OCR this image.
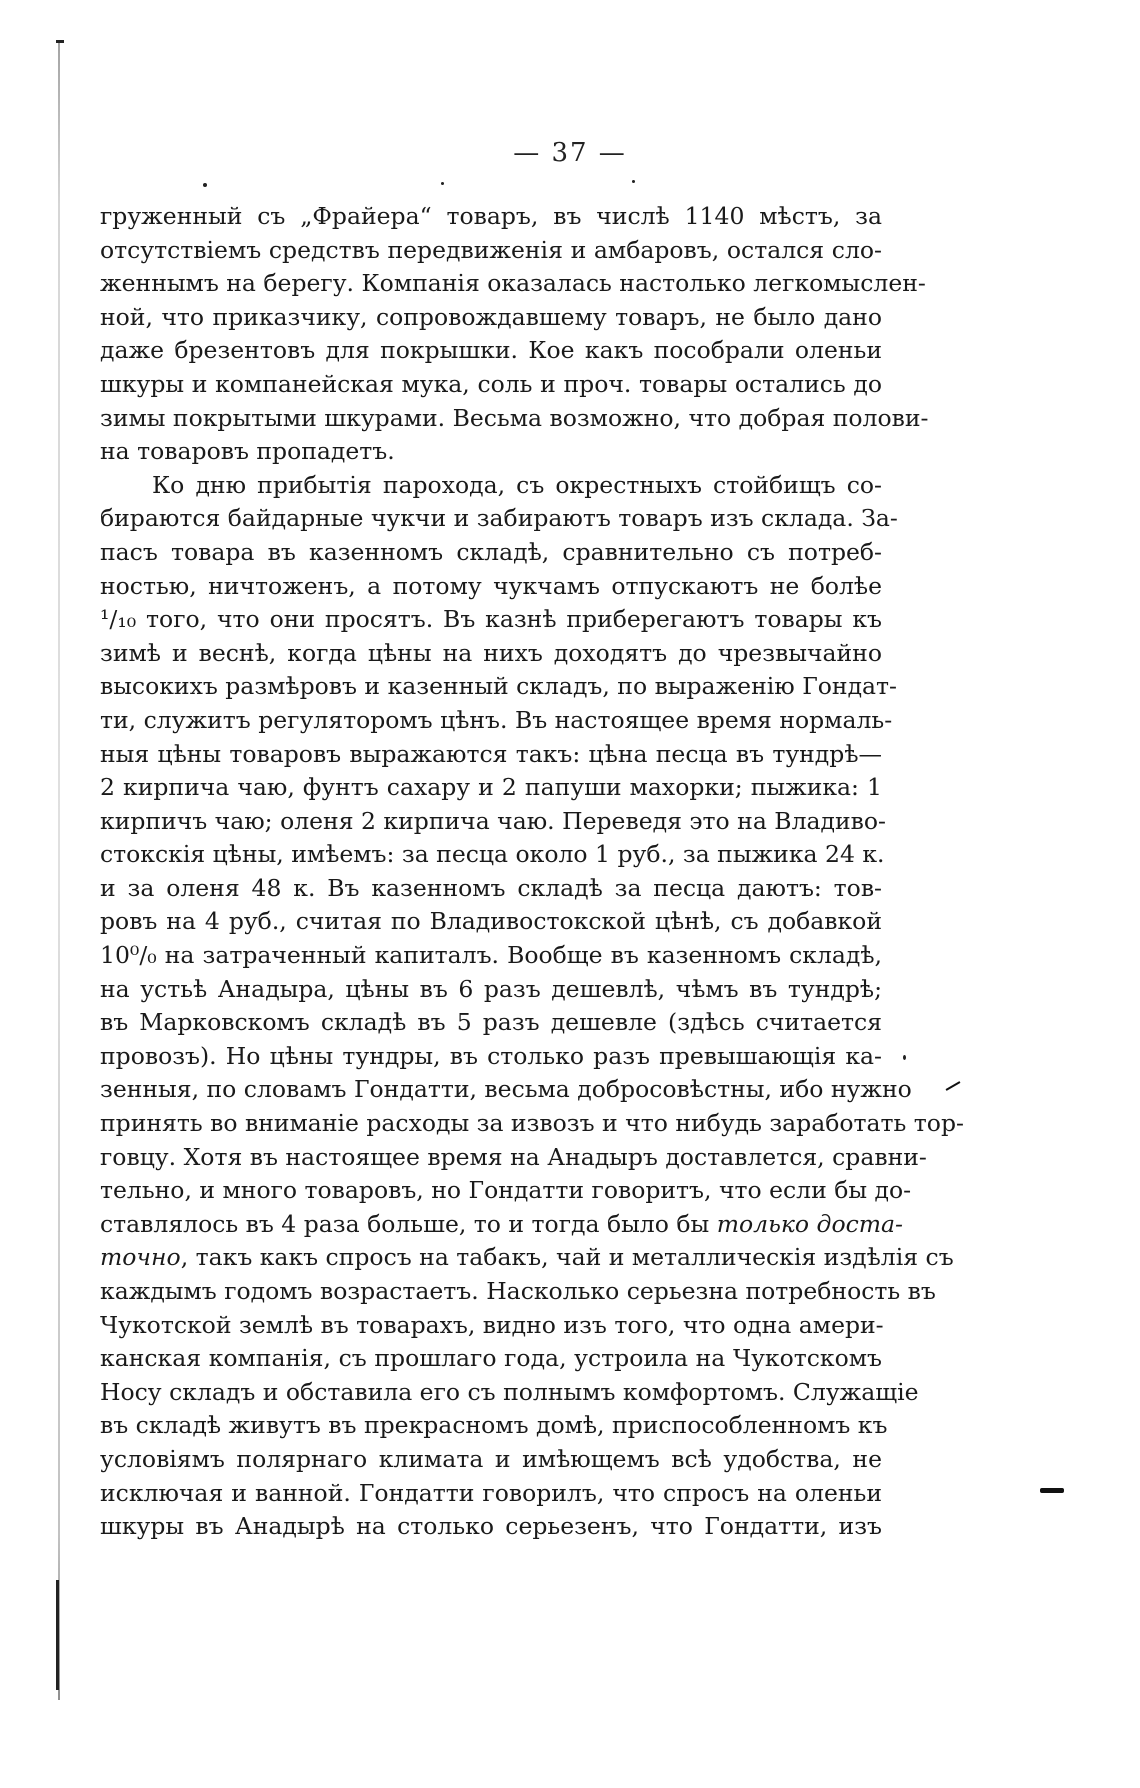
— 37 —
груженный съ „Фрайера“ товаръ, въ числѣ 1140 мѣстъ, за
отсутствіемъ средствъ передвиженія и амбаровъ, остался сло-
женнымъ на берегу. Компанія оказалась настолько легкомыслен-
ной, что приказчику, сопровождавшему товаръ, не было дано
даже брезентовъ для покрышки. Кое какъ пособрали оленьи
шкуры и компанейская мука, соль и проч. товары остались до
зимы покрытыми шкурами. Весьма возможно, что добрая полови-
на товаровъ пропадетъ.
Ко дню прибытія парохода, съ окрестныхъ стойбищъ со-
бираются байдарные чукчи и забираютъ товаръ изъ склада. За-
пасъ товара въ казенномъ складѣ, сравнительно съ потреб-
ностью, ничтоженъ, а потому чукчамъ отпускаютъ не болѣе
¹/₁₀ того, что они просятъ. Въ казнѣ прибeрегаютъ товары къ
зимѣ и веснѣ, когда цѣны на нихъ доходятъ до чрезвычайно
высокихъ размѣровъ и казенный складъ, по выраженію Гондат-
ти, служитъ регуляторомъ цѣнъ. Въ настоящее время нормаль-
ныя цѣны товаровъ выражаются такъ: цѣна песца въ тундрѣ—
2 кирпича чаю, фунтъ сахару и 2 папуши махорки; пыжика: 1
кирпичъ чаю; оленя 2 кирпича чаю. Переведя это на Владиво-
стокскія цѣны, имѣемъ: за песца около 1 руб., за пыжика 24 к.
и за оленя 48 к. Въ казенномъ складѣ за песца даютъ: тов-
ровъ на 4 руб., считая по Владивостокской цѣнѣ, съ добавкой
10⁰/₀ на затраченный капиталъ. Вообще въ казенномъ складѣ,
на устьѣ Анадыра, цѣны въ 6 разъ дешевлѣ, чѣмъ въ тундрѣ;
въ Марковскомъ складѣ въ 5 разъ дешевле (здѣсь считается
провозъ). Но цѣны тундры, въ столько разъ превышающія ка-
зенныя, по словамъ Гондатти, весьма добросовѣстны, ибо нужно
принять во вниманіе расходы за извозъ и что нибудь заработать тор-
говцу. Хотя въ настоящее время на Анадыръ доставлется, сравни-
тельно, и много товаровъ, но Гондатти говоритъ, что если бы до-
ставлялось въ 4 раза больше, то и тогда было бы только доста-
точно, такъ какъ спросъ на табакъ, чай и металлическія издѣлія съ
каждымъ годомъ возрастаетъ. Насколько серьезна потребность въ
Чукотской землѣ въ товарахъ, видно изъ того, что одна амери-
канская компанія, съ прошлаго года, устроила на Чукотскомъ
Носу складъ и обставила его съ полнымъ комфортомъ. Служащіе
въ складѣ живутъ въ прекрасномъ домѣ, приспособленномъ къ
условіямъ полярнаго климата и имѣющемъ всѣ удобства, не
исключая и ванной. Гондатти говорилъ, что спросъ на оленьи
шкуры въ Анадырѣ на столько серьезенъ, что Гондатти, изъ
